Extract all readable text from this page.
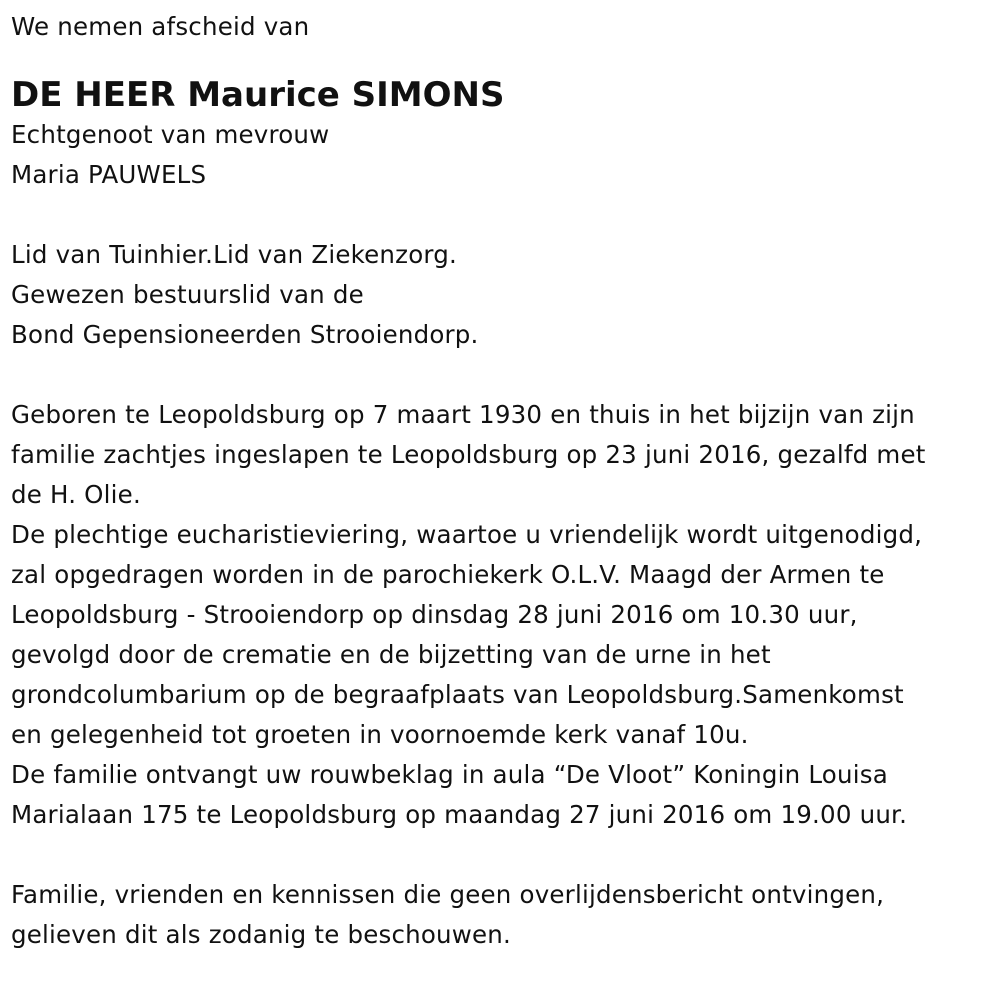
We nemen afscheid van
DE HEER Maurice SIMONS
Echtgenoot van mevrouw
Maria PAUWELS
Lid van Tuinhier.Lid van Ziekenzorg.
Gewezen bestuurslid van de
Bond Gepensioneerden Strooiendorp.
Geboren te Leopoldsburg op 7 maart 1930 en thuis in het bijzijn van zijn
familie zachtjes ingeslapen te Leopoldsburg op 23 juni 2016, gezalfd met
de H. Olie.
De plechtige eucharistieviering, waartoe u vriendelijk wordt uitgenodigd,
zal opgedragen worden in de parochiekerk O.L.V. Maagd der Armen te
Leopoldsburg - Strooiendorp op dinsdag 28 juni 2016 om 10.30 uur,
gevolgd door de crematie en de bijzetting van de urne in het
grondcolumbarium op de begraafplaats van Leopoldsburg.Samenkomst
en gelegenheid tot groeten in voornoemde kerk vanaf 10u.
De familie ontvangt uw rouwbeklag in aula “De Vloot” Koningin Louisa
Marialaan 175 te Leopoldsburg op maandag 27 juni 2016 om 19.00 uur.
Familie, vrienden en kennissen die geen overlijdensbericht ontvingen,
gelieven dit als zodanig te beschouwen.
